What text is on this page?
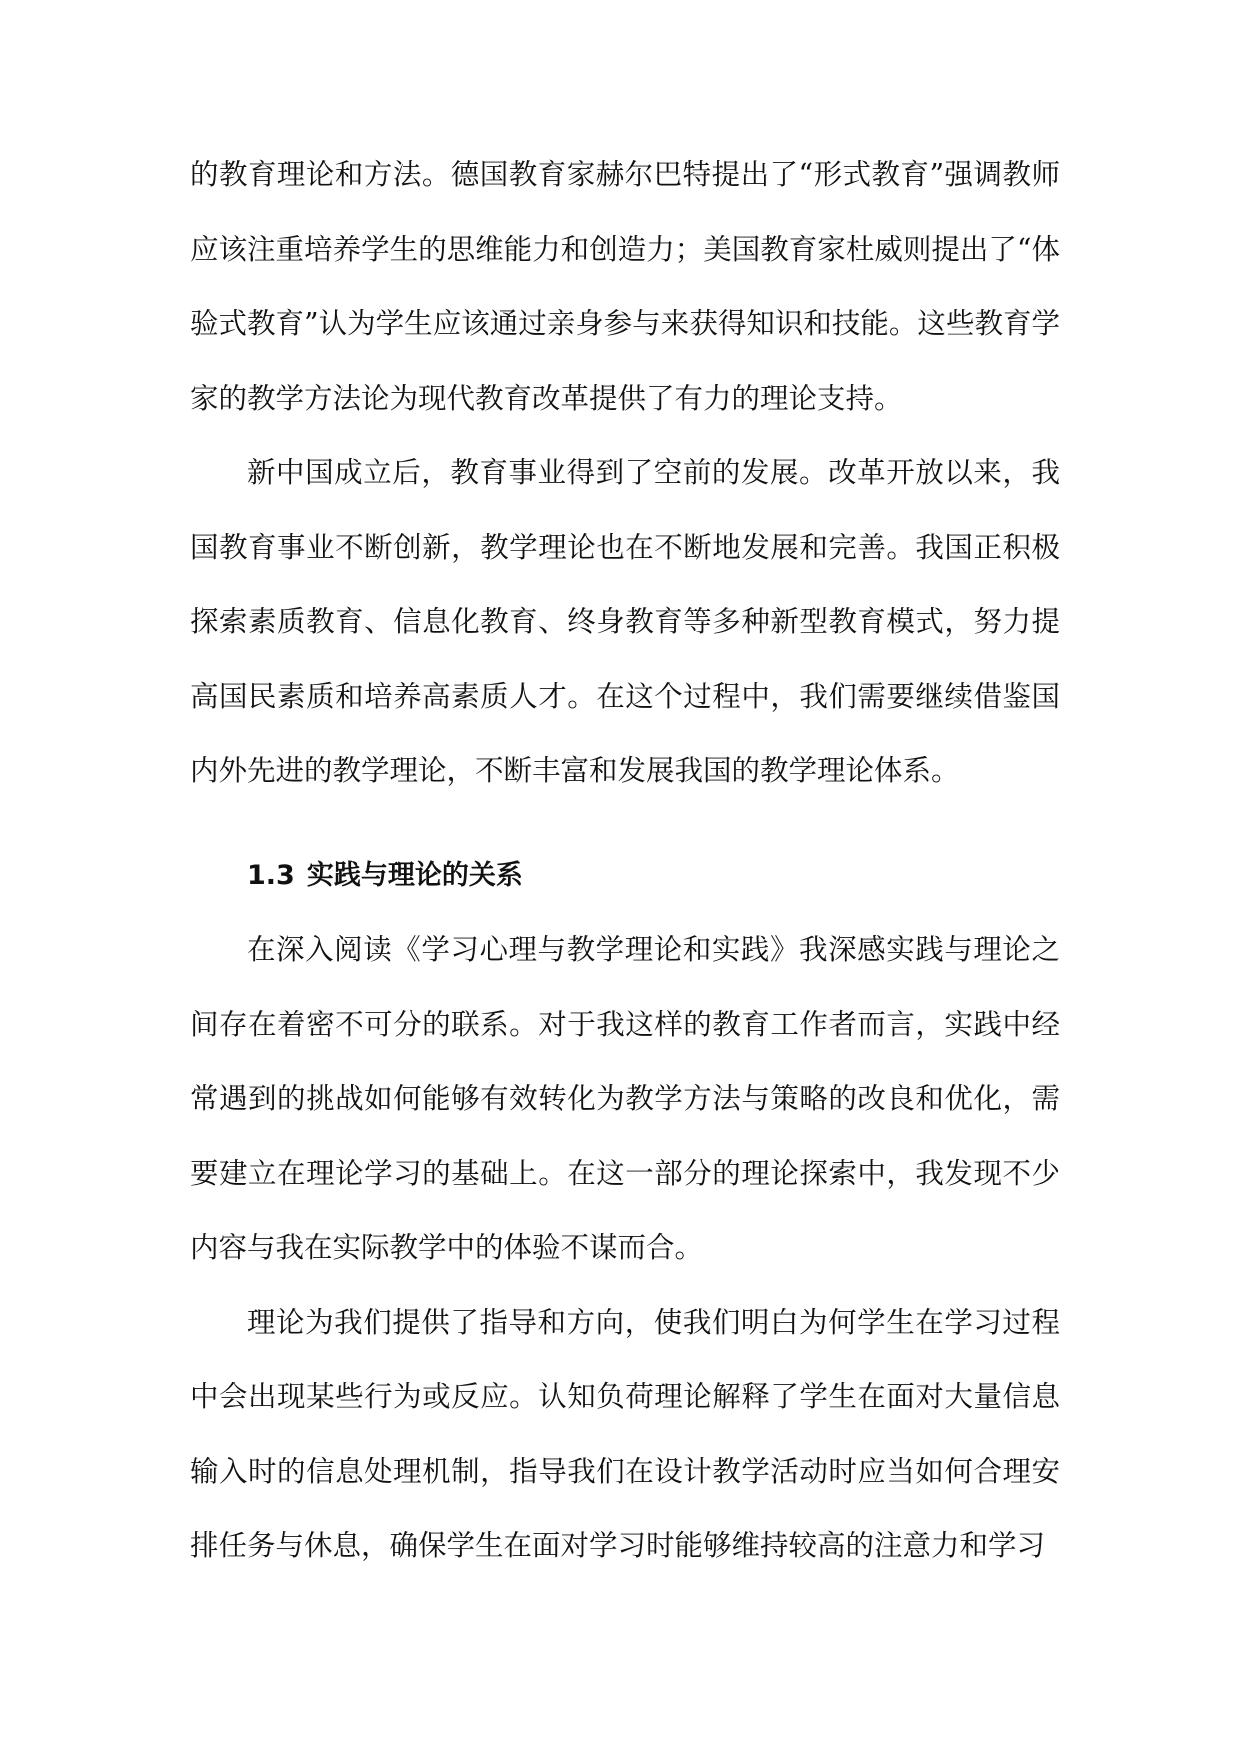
的教育理论和方法。德国教育家赫尔巴特提出了“形式教育”强调教师应该注重培养学生的思维能力和创造力；美国教育家杜威则提出了“体验式教育”认为学生应该通过亲身参与来获得知识和技能。这些教育学家的教学方法论为现代教育改革提供了有力的理论支持。

新中国成立后，教育事业得到了空前的发展。改革开放以来，我国教育事业不断创新，教学理论也在不断地发展和完善。我国正积极探索素质教育、信息化教育、终身教育等多种新型教育模式，努力提高国民素质和培养高素质人才。在这个过程中，我们需要继续借鉴国内外先进的教学理论，不断丰富和发展我国的教学理论体系。

1.3 实践与理论的关系

在深入阅读《学习心理与教学理论和实践》我深感实践与理论之间存在着密不可分的联系。对于我这样的教育工作者而言，实践中经常遇到的挑战如何能够有效转化为教学方法与策略的改良和优化，需要建立在理论学习的基础上。在这一部分的理论探索中，我发现不少内容与我在实际教学中的体验不谋而合。

理论为我们提供了指导和方向，使我们明白为何学生在学习过程中会出现某些行为或反应。认知负荷理论解释了学生在面对大量信息输入时的信息处理机制，指导我们在设计教学活动时应当如何合理安排任务与休息，确保学生在面对学习时能够维持较高的注意力和学习
